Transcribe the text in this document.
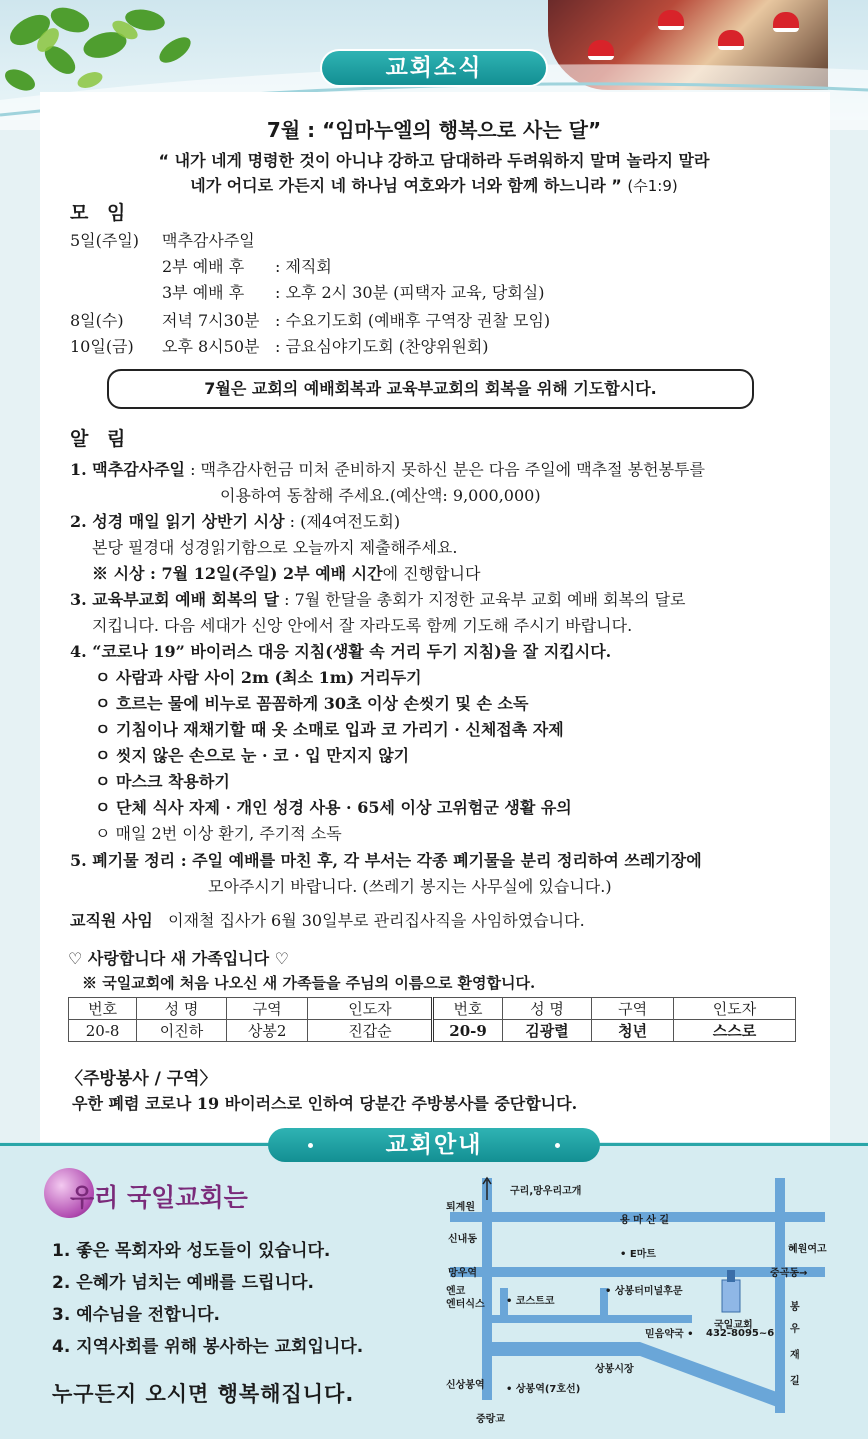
교회소식
7월 : “임마누엘의 행복으로 사는 달”
“ 내가 네게 명령한 것이 아니냐 강하고 담대하라 두려워하지 말며 놀라지 말라
네가 어디로 가든지 네 하나님 여호와가 너와 함께 하느니라 ” (수1:9)
모 임
5일(주일) 맥추감사주일
2부 예배 후 : 제직회
3부 예배 후 : 오후 2시 30분 (피택자 교육, 당회실)
8일(수) 저녁 7시30분 : 수요기도회 (예배후 구역장 권찰 모임)
10일(금) 오후 8시50분 : 금요심야기도회 (찬양위원회)
7월은 교회의 예배회복과 교육부교회의 회복을 위해 기도합시다.
알 림
1. 맥추감사주일 : 맥추감사헌금 미처 준비하지 못하신 분은 다음 주일에 맥추절 봉헌봉투를
이용하여 동참해 주세요.(예산액: 9,000,000)
2. 성경 매일 읽기 상반기 시상 : (제4여전도회)
본당 필경대 성경읽기함으로 오늘까지 제출해주세요.
※ 시상 : 7월 12일(주일) 2부 예배 시간에 진행합니다
3. 교육부교회 예배 회복의 달 : 7월 한달을 총회가 지정한 교육부 교회 예배 회복의 달로
지킵니다. 다음 세대가 신앙 안에서 잘 자라도록 함께 기도해 주시기 바랍니다.
4. “코로나 19” 바이러스 대응 지침(생활 속 거리 두기 지침)을 잘 지킵시다.
ㅇ 사람과 사람 사이 2m (최소 1m) 거리두기
ㅇ 흐르는 물에 비누로 꼼꼼하게 30초 이상 손씻기 및 손 소독
ㅇ 기침이나 재채기할 때 옷 소매로 입과 코 가리기 · 신체접촉 자제
ㅇ 씻지 않은 손으로 눈 · 코 · 입 만지지 않기
ㅇ 마스크 착용하기
ㅇ 단체 식사 자제 · 개인 성경 사용 · 65세 이상 고위험군 생활 유의
ㅇ 매일 2번 이상 환기, 주기적 소독
5. 폐기물 정리 : 주일 예배를 마친 후, 각 부서는 각종 폐기물을 분리 정리하여 쓰레기장에
모아주시기 바랍니다. (쓰레기 봉지는 사무실에 있습니다.)
교직원 사임 이재철 집사가 6월 30일부로 관리집사직을 사임하였습니다.
♡ 사랑합니다 새 가족입니다 ♡
※ 국일교회에 처음 나오신 새 가족들을 주님의 이름으로 환영합니다.
번호	성 명	구역	인도자	번호	성 명	구역	인도자
20-8	이진하	상봉2	진갑순	20-9	김광렬	청년	스스로
〈주방봉사 / 구역〉
우한 폐렴 코로나 19 바이러스로 인하여 당분간 주방봉사를 중단합니다.
교회안내
우리 국일교회는
1. 좋은 목회자와 성도들이 있습니다.
2. 은혜가 넘치는 예배를 드립니다.
3. 예수님을 전합니다.
4. 지역사회를 위해 봉사하는 교회입니다.
누구든지 오시면 행복해집니다.
구리,망우리고개
퇴계원
용 마 산 길
신내동
• E마트	혜원여고
망우역	중곡동→
엔코
엔터식스 • 코스트코
• 상봉터미널후문
국일교회
432-8095~6
믿음약국 •
봉
우
재
길
상봉시장
신상봉역 • 상봉역(7호선)
중랑교
